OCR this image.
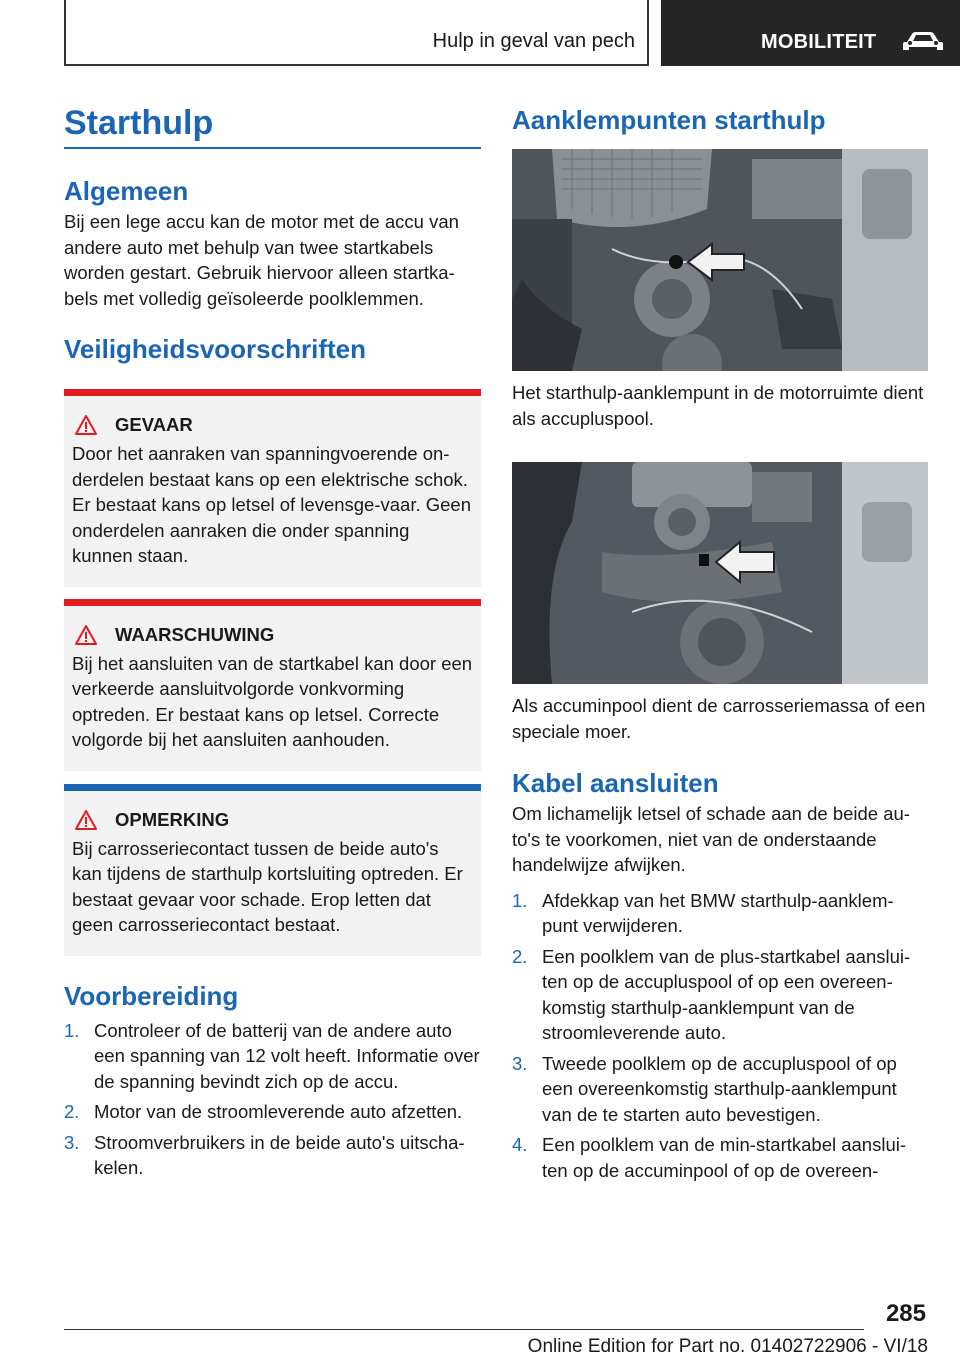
Hulp in geval van pech	MOBILITEIT
Starthulp
Algemeen

Bij een lege accu kan de motor met de accu van andere auto met behulp van twee startkabels worden gestart. Gebruik hiervoor alleen startka-bels met volledig geïsoleerde poolklemmen.

Veiligheidsvoorschriften
GEVAAR
Door het aanraken van spanningvoerende on-derdelen bestaat kans op een elektrische schok. Er bestaat kans op letsel of levensge-vaar. Geen onderdelen aanraken die onder spanning kunnen staan.
WAARSCHUWING
Bij het aansluiten van de startkabel kan door een verkeerde aansluitvolgorde vonkvorming optreden. Er bestaat kans op letsel. Correcte volgorde bij het aansluiten aanhouden.
OPMERKING
Bij carrosseriecontact tussen de beide auto's kan tijdens de starthulp kortsluiting optreden. Er bestaat gevaar voor schade. Erop letten dat geen carrosseriecontact bestaat.
Voorbereiding
1. Controleer of de batterij van de andere auto een spanning van 12 volt heeft. Informatie over de spanning bevindt zich op de accu.
2. Motor van de stroomleverende auto afzetten.
3. Stroomverbruikers in de beide auto's uitscha-kelen.
Aanklempunten starthulp

Het starthulp-aanklempunt in de motorruimte dient als accupluspool.

Als accuminpool dient de carrosseriemassa of een speciale moer.

Kabel aansluiten

Om lichamelijk letsel of schade aan de beide au-to's te voorkomen, niet van de onderstaande handelwijze afwijken.

1. Afdekkap van het BMW starthulp-aanklem-punt verwijderen.
2. Een poolklem van de plus-startkabel aanslui-ten op de accupluspool of op een overeen-komstig starthulp-aanklempunt van de stroomleverende auto.
3. Tweede poolklem op de accupluspool of op een overeenkomstig starthulp-aanklempunt van de te starten auto bevestigen.
4. Een poolklem van de min-startkabel aanslui-ten op de accuminpool of op de overeen-
285
Online Edition for Part no. 01402722906 - VI/18
